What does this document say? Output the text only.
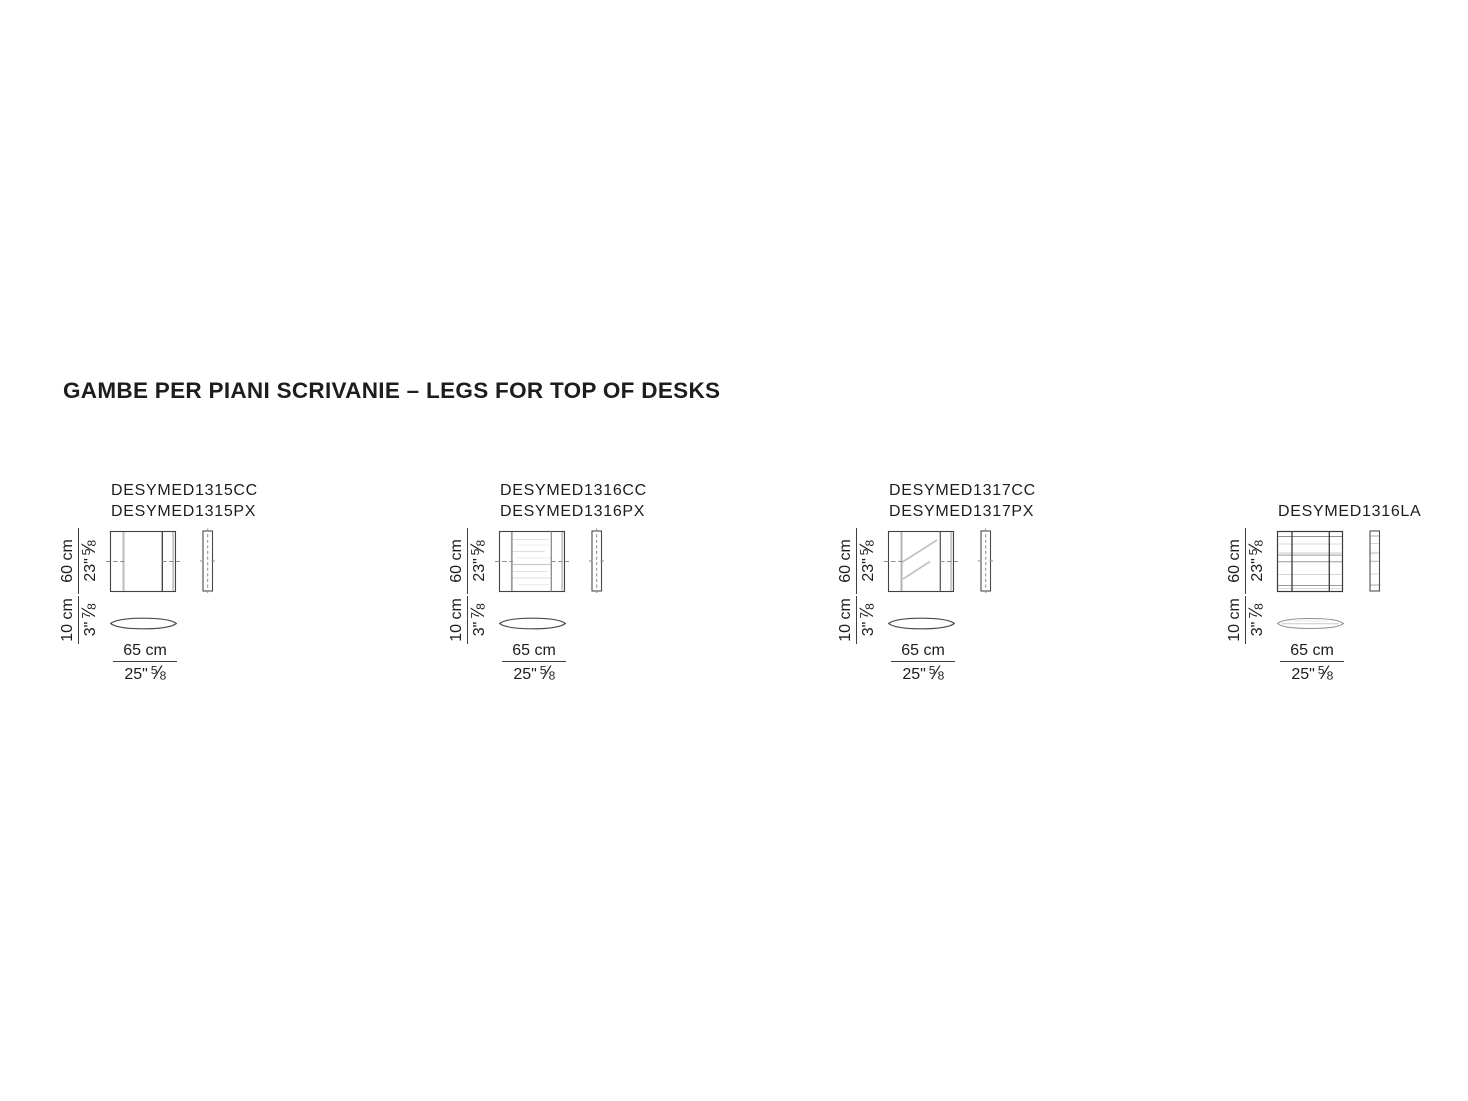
GAMBE PER PIANI SCRIVANIE – LEGS FOR TOP OF DESKS
DESYMED1315CC
DESYMED1315PX
60 cm 23"⅝
10 cm 3"⅞
65 cm
25" ⅝
DESYMED1316CC
DESYMED1316PX
60 cm 23"⅝
10 cm 3"⅞
65 cm
25" ⅝
DESYMED1317CC
DESYMED1317PX
60 cm 23"⅝
10 cm 3"⅞
65 cm
25" ⅝
DESYMED1316LA
60 cm 23"⅝
10 cm 3"⅞
65 cm
25" ⅝
